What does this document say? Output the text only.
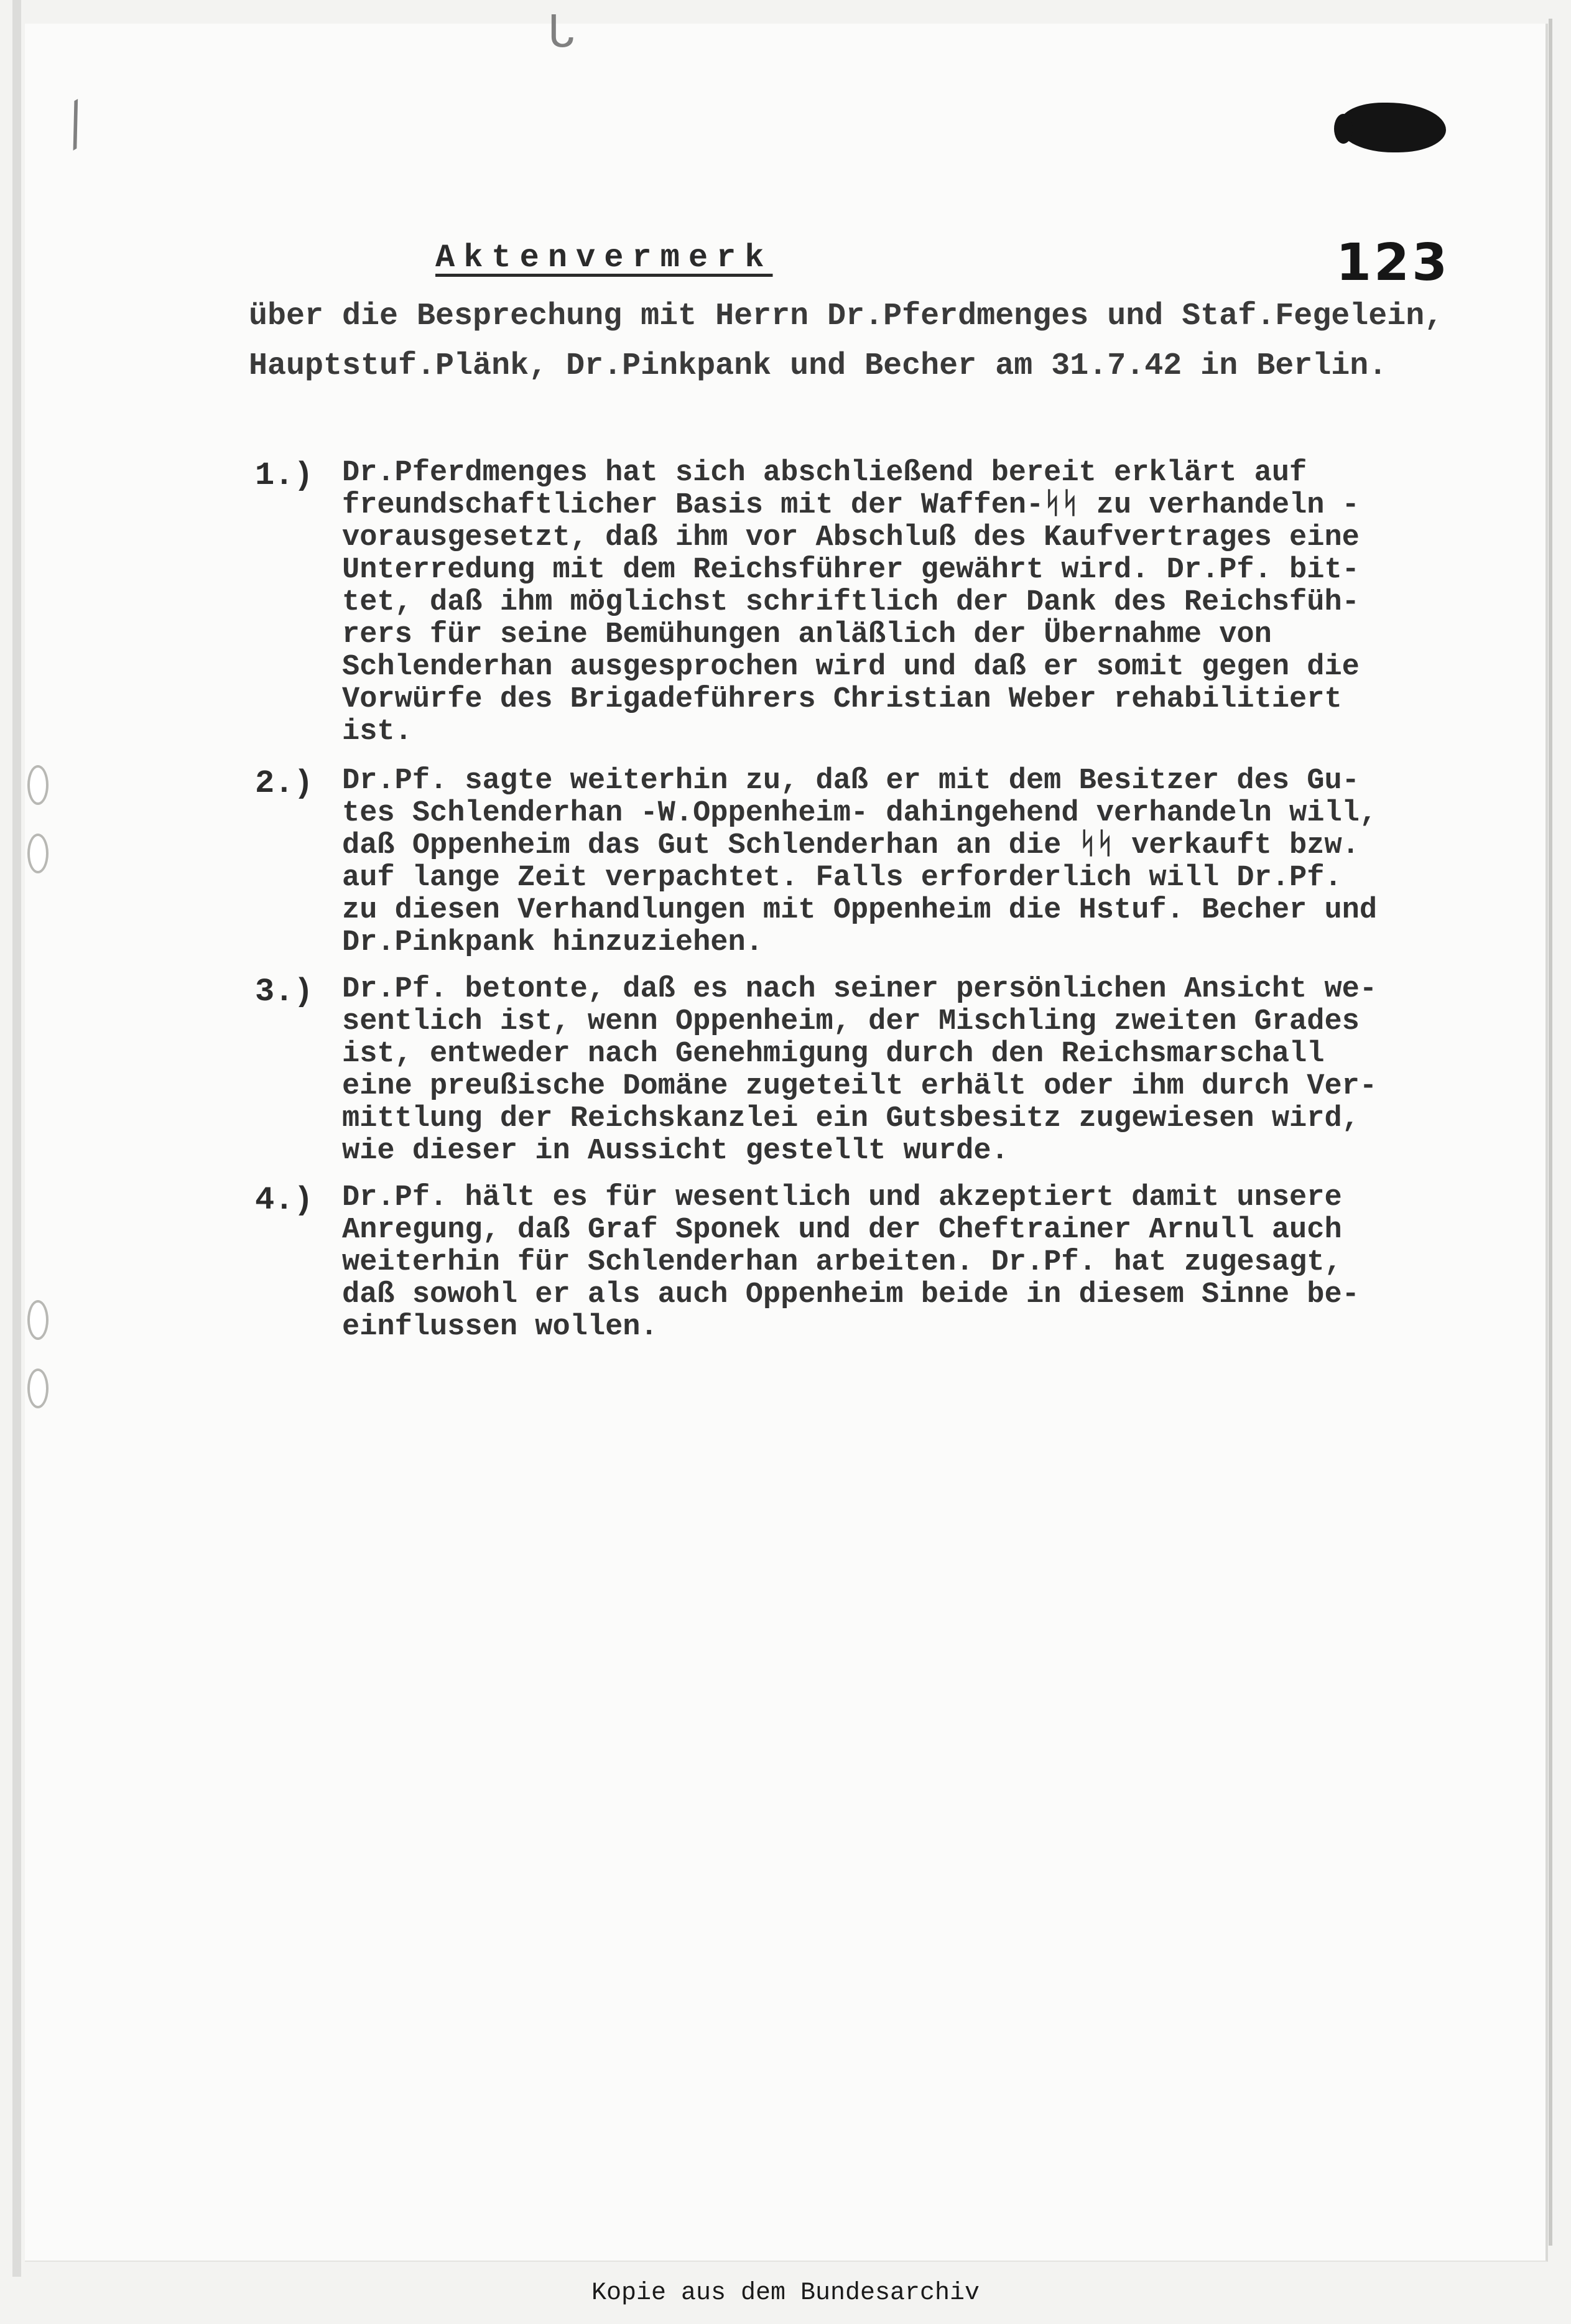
ᒐ
⁄
123
Aktenvermerk
über die Besprechung mit Herrn Dr.Pferdmenges und Staf.Fegelein,
Hauptstuf.Plänk, Dr.Pinkpank und Becher am 31.7.42 in Berlin.
1.) Dr.Pferdmenges hat sich abschließend bereit erklärt auf
freundschaftlicher Basis mit der Waffen-ᛋᛋ zu verhandeln -
vorausgesetzt, daß ihm vor Abschluß des Kaufvertrages eine
Unterredung mit dem Reichsführer gewährt wird. Dr.Pf. bit-
tet, daß ihm möglichst schriftlich der Dank des Reichsfüh-
rers für seine Bemühungen anläßlich der Übernahme von
Schlenderhan ausgesprochen wird und daß er somit gegen die
Vorwürfe des Brigadeführers Christian Weber rehabilitiert
ist.
2.) Dr.Pf. sagte weiterhin zu, daß er mit dem Besitzer des Gu-
tes Schlenderhan -W.Oppenheim- dahingehend verhandeln will,
daß Oppenheim das Gut Schlenderhan an die ᛋᛋ verkauft bzw.
auf lange Zeit verpachtet. Falls erforderlich will Dr.Pf.
zu diesen Verhandlungen mit Oppenheim die Hstuf. Becher und
Dr.Pinkpank hinzuziehen.
3.) Dr.Pf. betonte, daß es nach seiner persönlichen Ansicht we-
sentlich ist, wenn Oppenheim, der Mischling zweiten Grades
ist, entweder nach Genehmigung durch den Reichsmarschall
eine preußische Domäne zugeteilt erhält oder ihm durch Ver-
mittlung der Reichskanzlei ein Gutsbesitz zugewiesen wird,
wie dieser in Aussicht gestellt wurde.
4.) Dr.Pf. hält es für wesentlich und akzeptiert damit unsere
Anregung, daß Graf Sponek und der Cheftrainer Arnull auch
weiterhin für Schlenderhan arbeiten. Dr.Pf. hat zugesagt,
daß sowohl er als auch Oppenheim beide in diesem Sinne be-
einflussen wollen.
Kopie aus dem Bundesarchiv
